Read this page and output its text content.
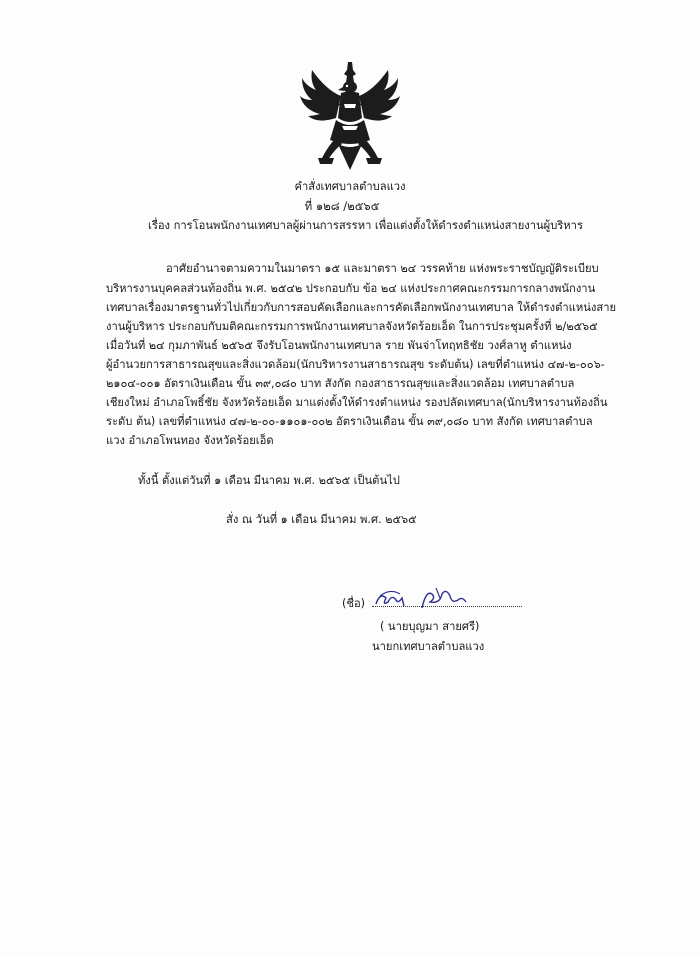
คำสั่งเทศบาลตำบลแวง
ที่ ๑๒๘ /๒๕๖๕
เรื่อง การโอนพนักงานเทศบาลผู้ผ่านการสรรหา เพื่อแต่งตั้งให้ดำรงตำแหน่งสายงานผู้บริหาร
อาศัยอำนาจตามความในมาตรา ๑๕ และมาตรา ๒๔ วรรคท้าย แห่งพระราชบัญญัติระเบียบ
บริหารงานบุคคลส่วนท้องถิ่น พ.ศ. ๒๕๔๒ ประกอบกับ ข้อ ๒๔ แห่งประกาศคณะกรรมการกลางพนักงาน
เทศบาลเรื่องมาตรฐานทั่วไปเกี่ยวกับการสอบคัดเลือกและการคัดเลือกพนักงานเทศบาล ให้ดำรงตำแหน่งสาย
งานผู้บริหาร ประกอบกับมติคณะกรรมการพนักงานเทศบาลจังหวัดร้อยเอ็ด ในการประชุมครั้งที่ ๒/๒๕๖๕
เมื่อวันที่ ๒๔ กุมภาพันธ์ ๒๕๖๕ จึงรับโอนพนักงานเทศบาล ราย พันจ่าโทฤทธิชัย วงศ์ลาหู ตำแหน่ง
ผู้อำนวยการสาธารณสุขและสิ่งแวดล้อม(นักบริหารงานสาธารณสุข ระดับต้น) เลขที่ตำแหน่ง ๔๗-๒-๐๐๖-
๒๑๐๔-๐๐๑ อัตราเงินเดือน ขั้น ๓๙,๐๘๐ บาท สังกัด กองสาธารณสุขและสิ่งแวดล้อม เทศบาลตำบล
เชียงใหม่ อำเภอโพธิ์ชัย จังหวัดร้อยเอ็ด มาแต่งตั้งให้ดำรงตำแหน่ง รองปลัดเทศบาล(นักบริหารงานท้องถิ่น
ระดับ ต้น) เลขที่ตำแหน่ง ๔๗-๒-๐๐-๑๑๐๑-๐๐๒ อัตราเงินเดือน ขั้น ๓๙,๐๘๐ บาท สังกัด เทศบาลตำบล
แวง อำเภอโพนทอง จังหวัดร้อยเอ็ด
ทั้งนี้ ตั้งแต่วันที่ ๑ เดือน มีนาคม พ.ศ. ๒๕๖๕ เป็นต้นไป
สั่ง ณ วันที่ ๑ เดือน มีนาคม พ.ศ. ๒๕๖๕
(ชื่อ)
( นายบุญมา สายศรี)
นายกเทศบาลตำบลแวง
